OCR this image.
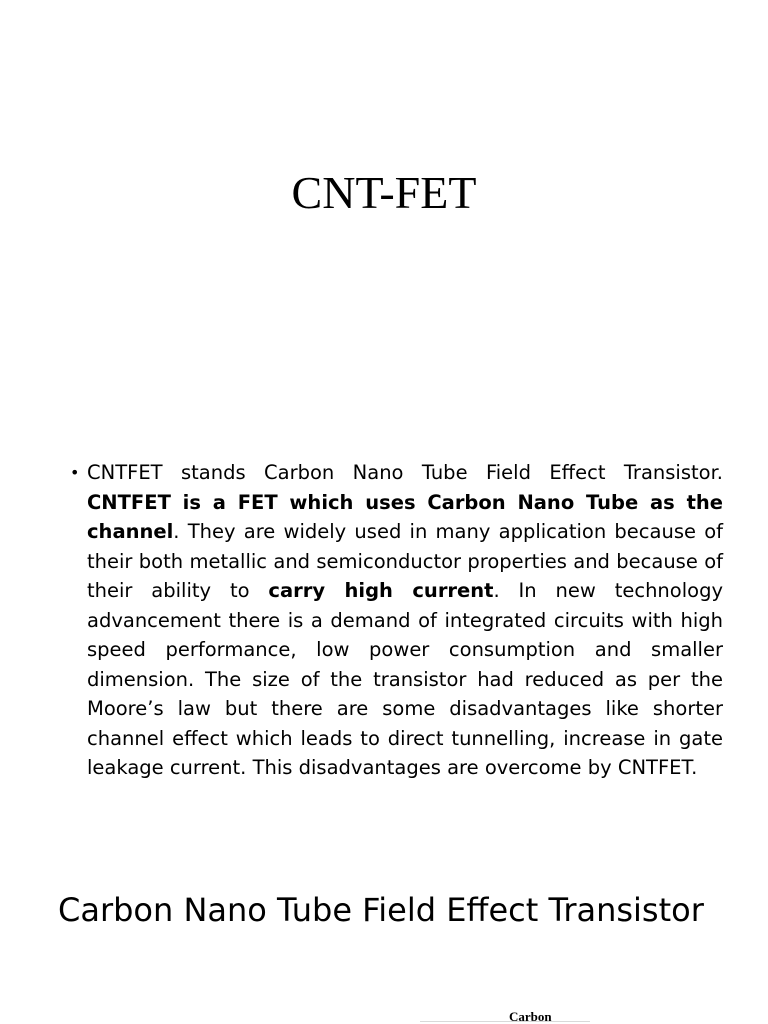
CNT-FET
• CNTFET stands Carbon Nano Tube Field Effect Transistor. CNTFET is a FET which uses Carbon Nano Tube as the channel. They are widely used in many application because of their both metallic and semiconductor properties and because of their ability to carry high current. In new technology advancement there is a demand of integrated circuits with high speed performance, low power consumption and smaller dimension. The size of the transistor had reduced as per the Moore’s law but there are some disadvantages like shorter channel effect which leads to direct tunnelling, increase in gate leakage current. This disadvantages are overcome by CNTFET.
Carbon Nano Tube Field Effect Transistor
Carbon
